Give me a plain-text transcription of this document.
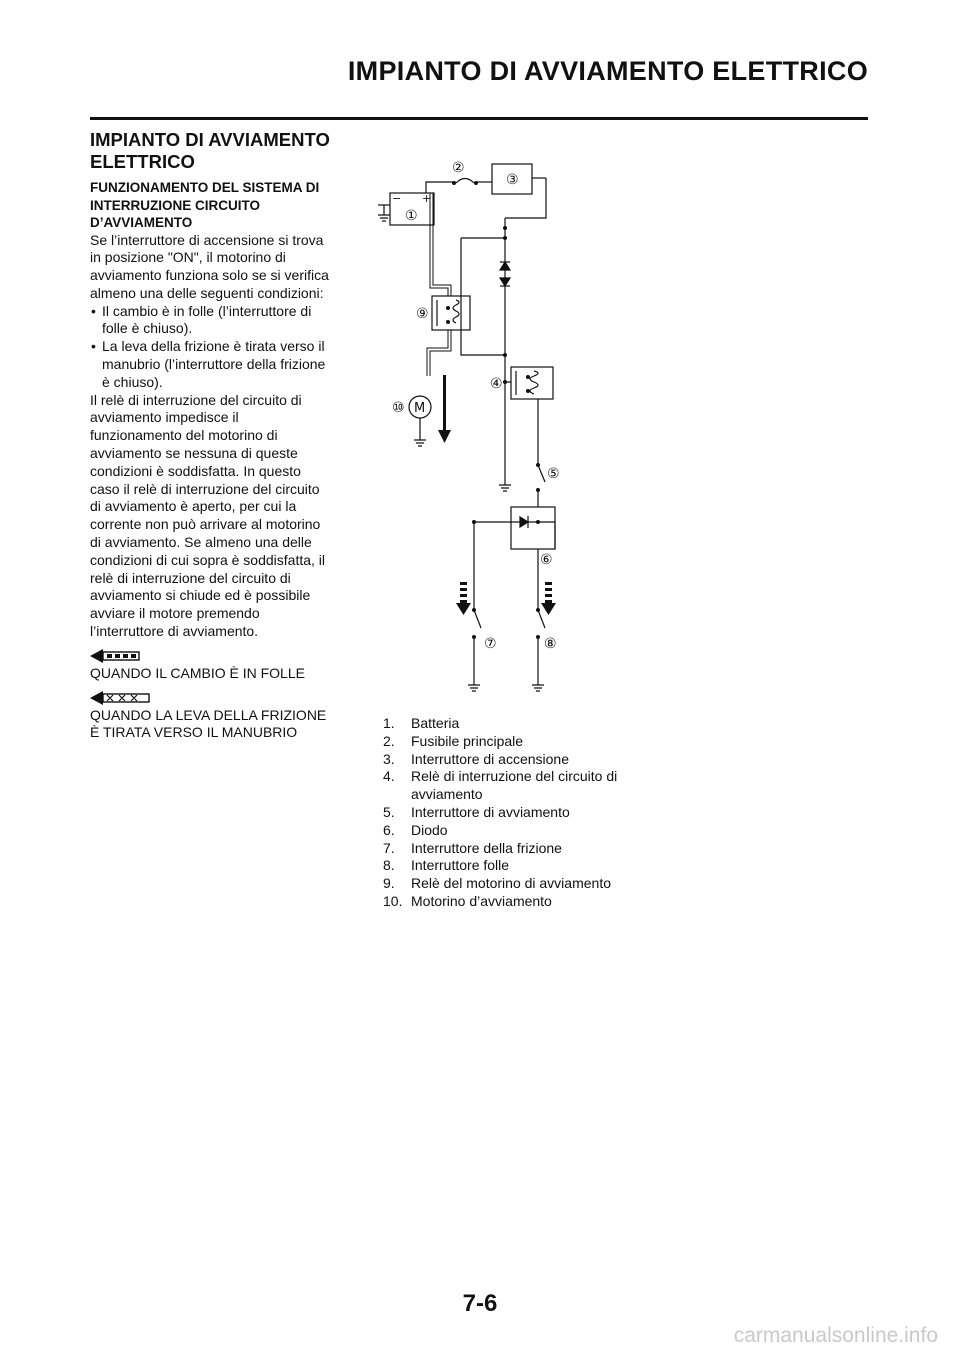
IMPIANTO DI AVVIAMENTO ELETTRICO
IMPIANTO DI AVVIAMENTO ELETTRICO

FUNZIONAMENTO DEL SISTEMA DI INTERRUZIONE CIRCUITO D’AVVIAMENTO

Se l’interruttore di accensione si trova in posizione "ON", il motorino di avviamento funziona solo se si verifica almeno una delle seguenti condizioni:

• Il cambio è in folle (l’interruttore di folle è chiuso).

• La leva della frizione è tirata verso il manubrio (l’interruttore della frizione è chiuso).

Il relè di interruzione del circuito di avviamento impedisce il funzionamento del motorino di avviamento se nessuna di queste condizioni è soddisfatta. In questo caso il relè di interruzione del circuito di avviamento è aperto, per cui la corrente non può arrivare al motorino di avviamento. Se almeno una delle condizioni di cui sopra è soddisfatta, il relè di interruzione del circuito di avviamento si chiude ed è possibile avviare il motore premendo l’interruttore di avviamento.

QUANDO IL CAMBIO È IN FOLLE

QUANDO LA LEVA DELLA FRIZIONE È TIRATA VERSO IL MANUBRIO

①
②
③
④
⑤
⑥
⑦	⑧
⑨
⑩ M
− +
1.	Batteria
2.	Fusibile principale
3.	Interruttore di accensione
4.	Relè di interruzione del circuito di avviamento
5.	Interruttore di avviamento
6.	Diodo
7.	Interruttore della frizione
8.	Interruttore folle
9.	Relè del motorino di avviamento
10. Motorino d’avviamento
7-6
carmanualsonline.info
